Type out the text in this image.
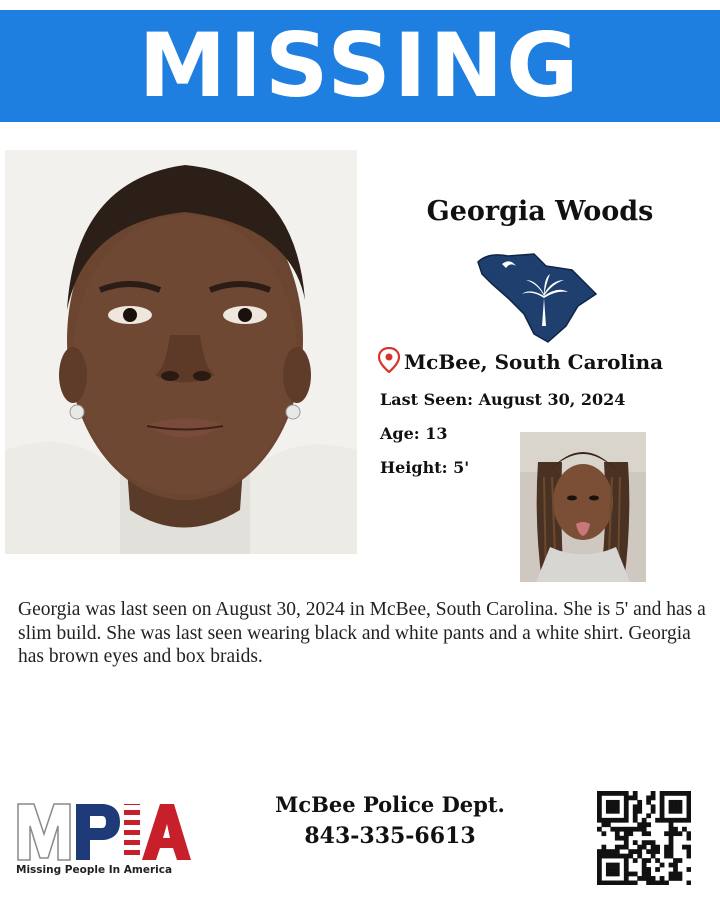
MISSING
Georgia Woods
McBee, South Carolina
Last Seen: August 30, 2024
Age: 13
Height: 5'
Georgia was last seen on August 30, 2024 in McBee, South Carolina. She is 5' and has a slim build. She was last seen wearing black and white pants and a white shirt. Georgia has brown eyes and box braids.
Missing People In America
McBee Police Dept.
843-335-6613
